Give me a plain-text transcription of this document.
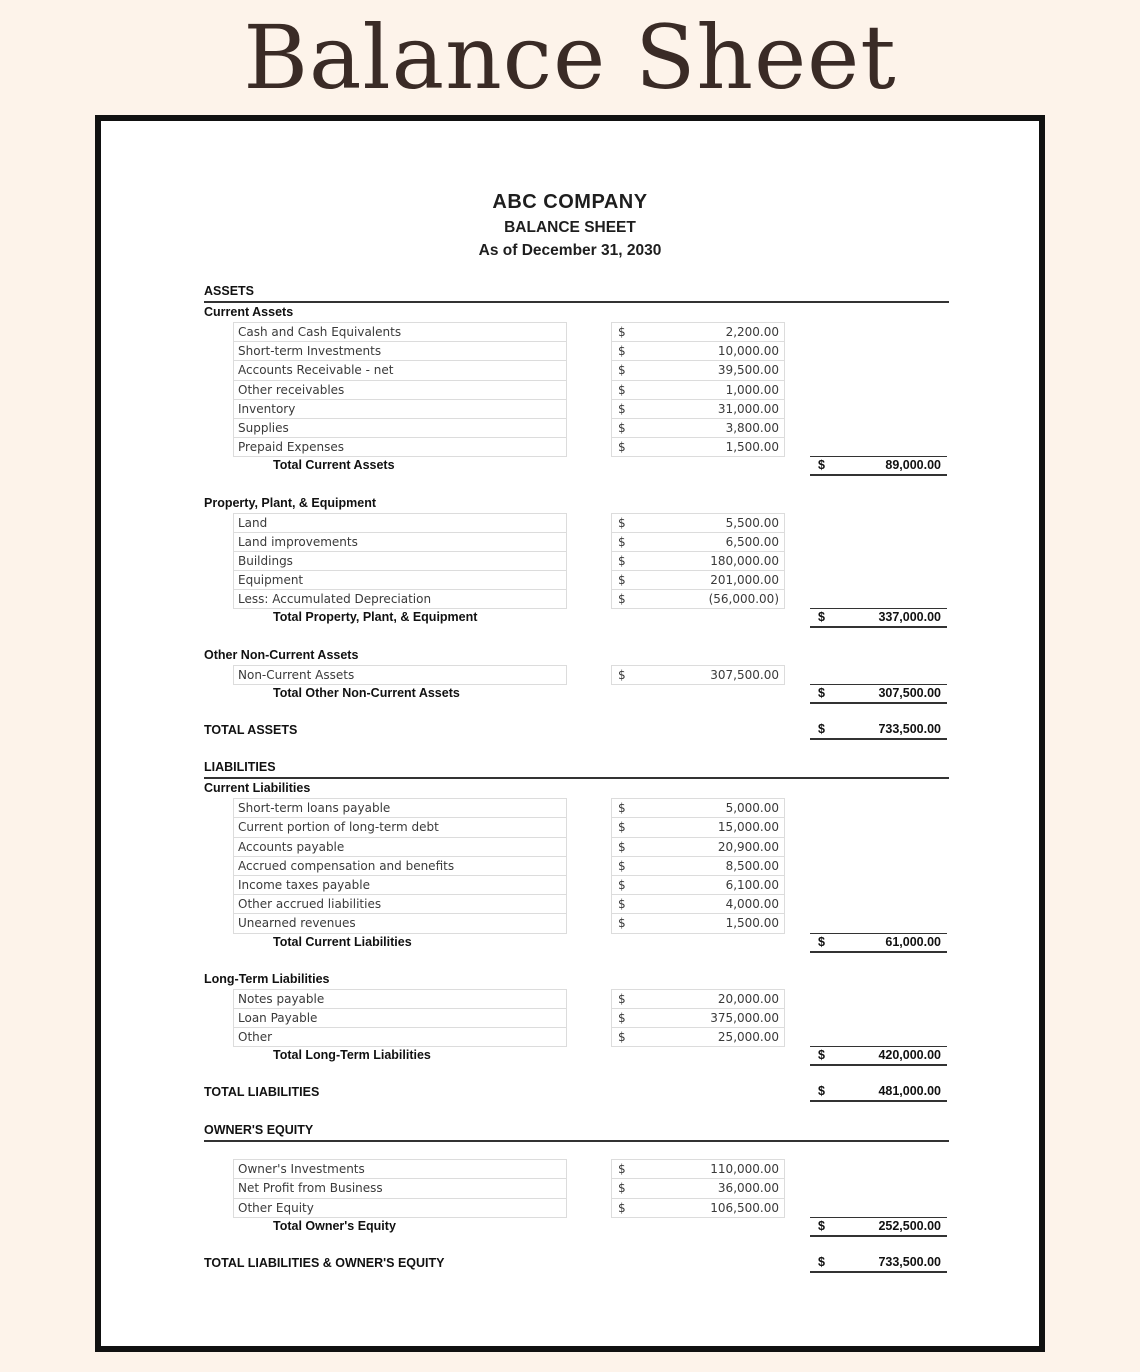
Balance Sheet
ABC COMPANY
BALANCE SHEET
As of December 31, 2030
ASSETS
Current Assets
Cash and Cash Equivalents	$	2,200.00
Short-term Investments	$	10,000.00
Accounts Receivable - net	$	39,500.00
Other receivables	$	1,000.00
Inventory	$	31,000.00
Supplies	$	3,800.00
Prepaid Expenses	$	1,500.00
Total Current Assets	$	89,000.00
Property, Plant, & Equipment
Land	$	5,500.00
Land improvements	$	6,500.00
Buildings	$	180,000.00
Equipment	$	201,000.00
Less: Accumulated Depreciation	$	(56,000.00)
Total Property, Plant, & Equipment	$	337,000.00
Other Non-Current Assets
Non-Current Assets	$	307,500.00
Total Other Non-Current Assets	$	307,500.00
TOTAL ASSETS	$	733,500.00
LIABILITIES
Current Liabilities
Short-term loans payable	$	5,000.00
Current portion of long-term debt	$	15,000.00
Accounts payable	$	20,900.00
Accrued compensation and benefits	$	8,500.00
Income taxes payable	$	6,100.00
Other accrued liabilities	$	4,000.00
Unearned revenues	$	1,500.00
Total Current Liabilities	$	61,000.00
Long-Term Liabilities
Notes payable	$	20,000.00
Loan Payable	$	375,000.00
Other	$	25,000.00
Total Long-Term Liabilities	$	420,000.00
TOTAL LIABILITIES	$	481,000.00
OWNER'S EQUITY
Owner's Investments	$	110,000.00
Net Profit from Business	$	36,000.00
Other Equity	$	106,500.00
Total Owner's Equity	$	252,500.00
TOTAL LIABILITIES & OWNER'S EQUITY	$	733,500.00
